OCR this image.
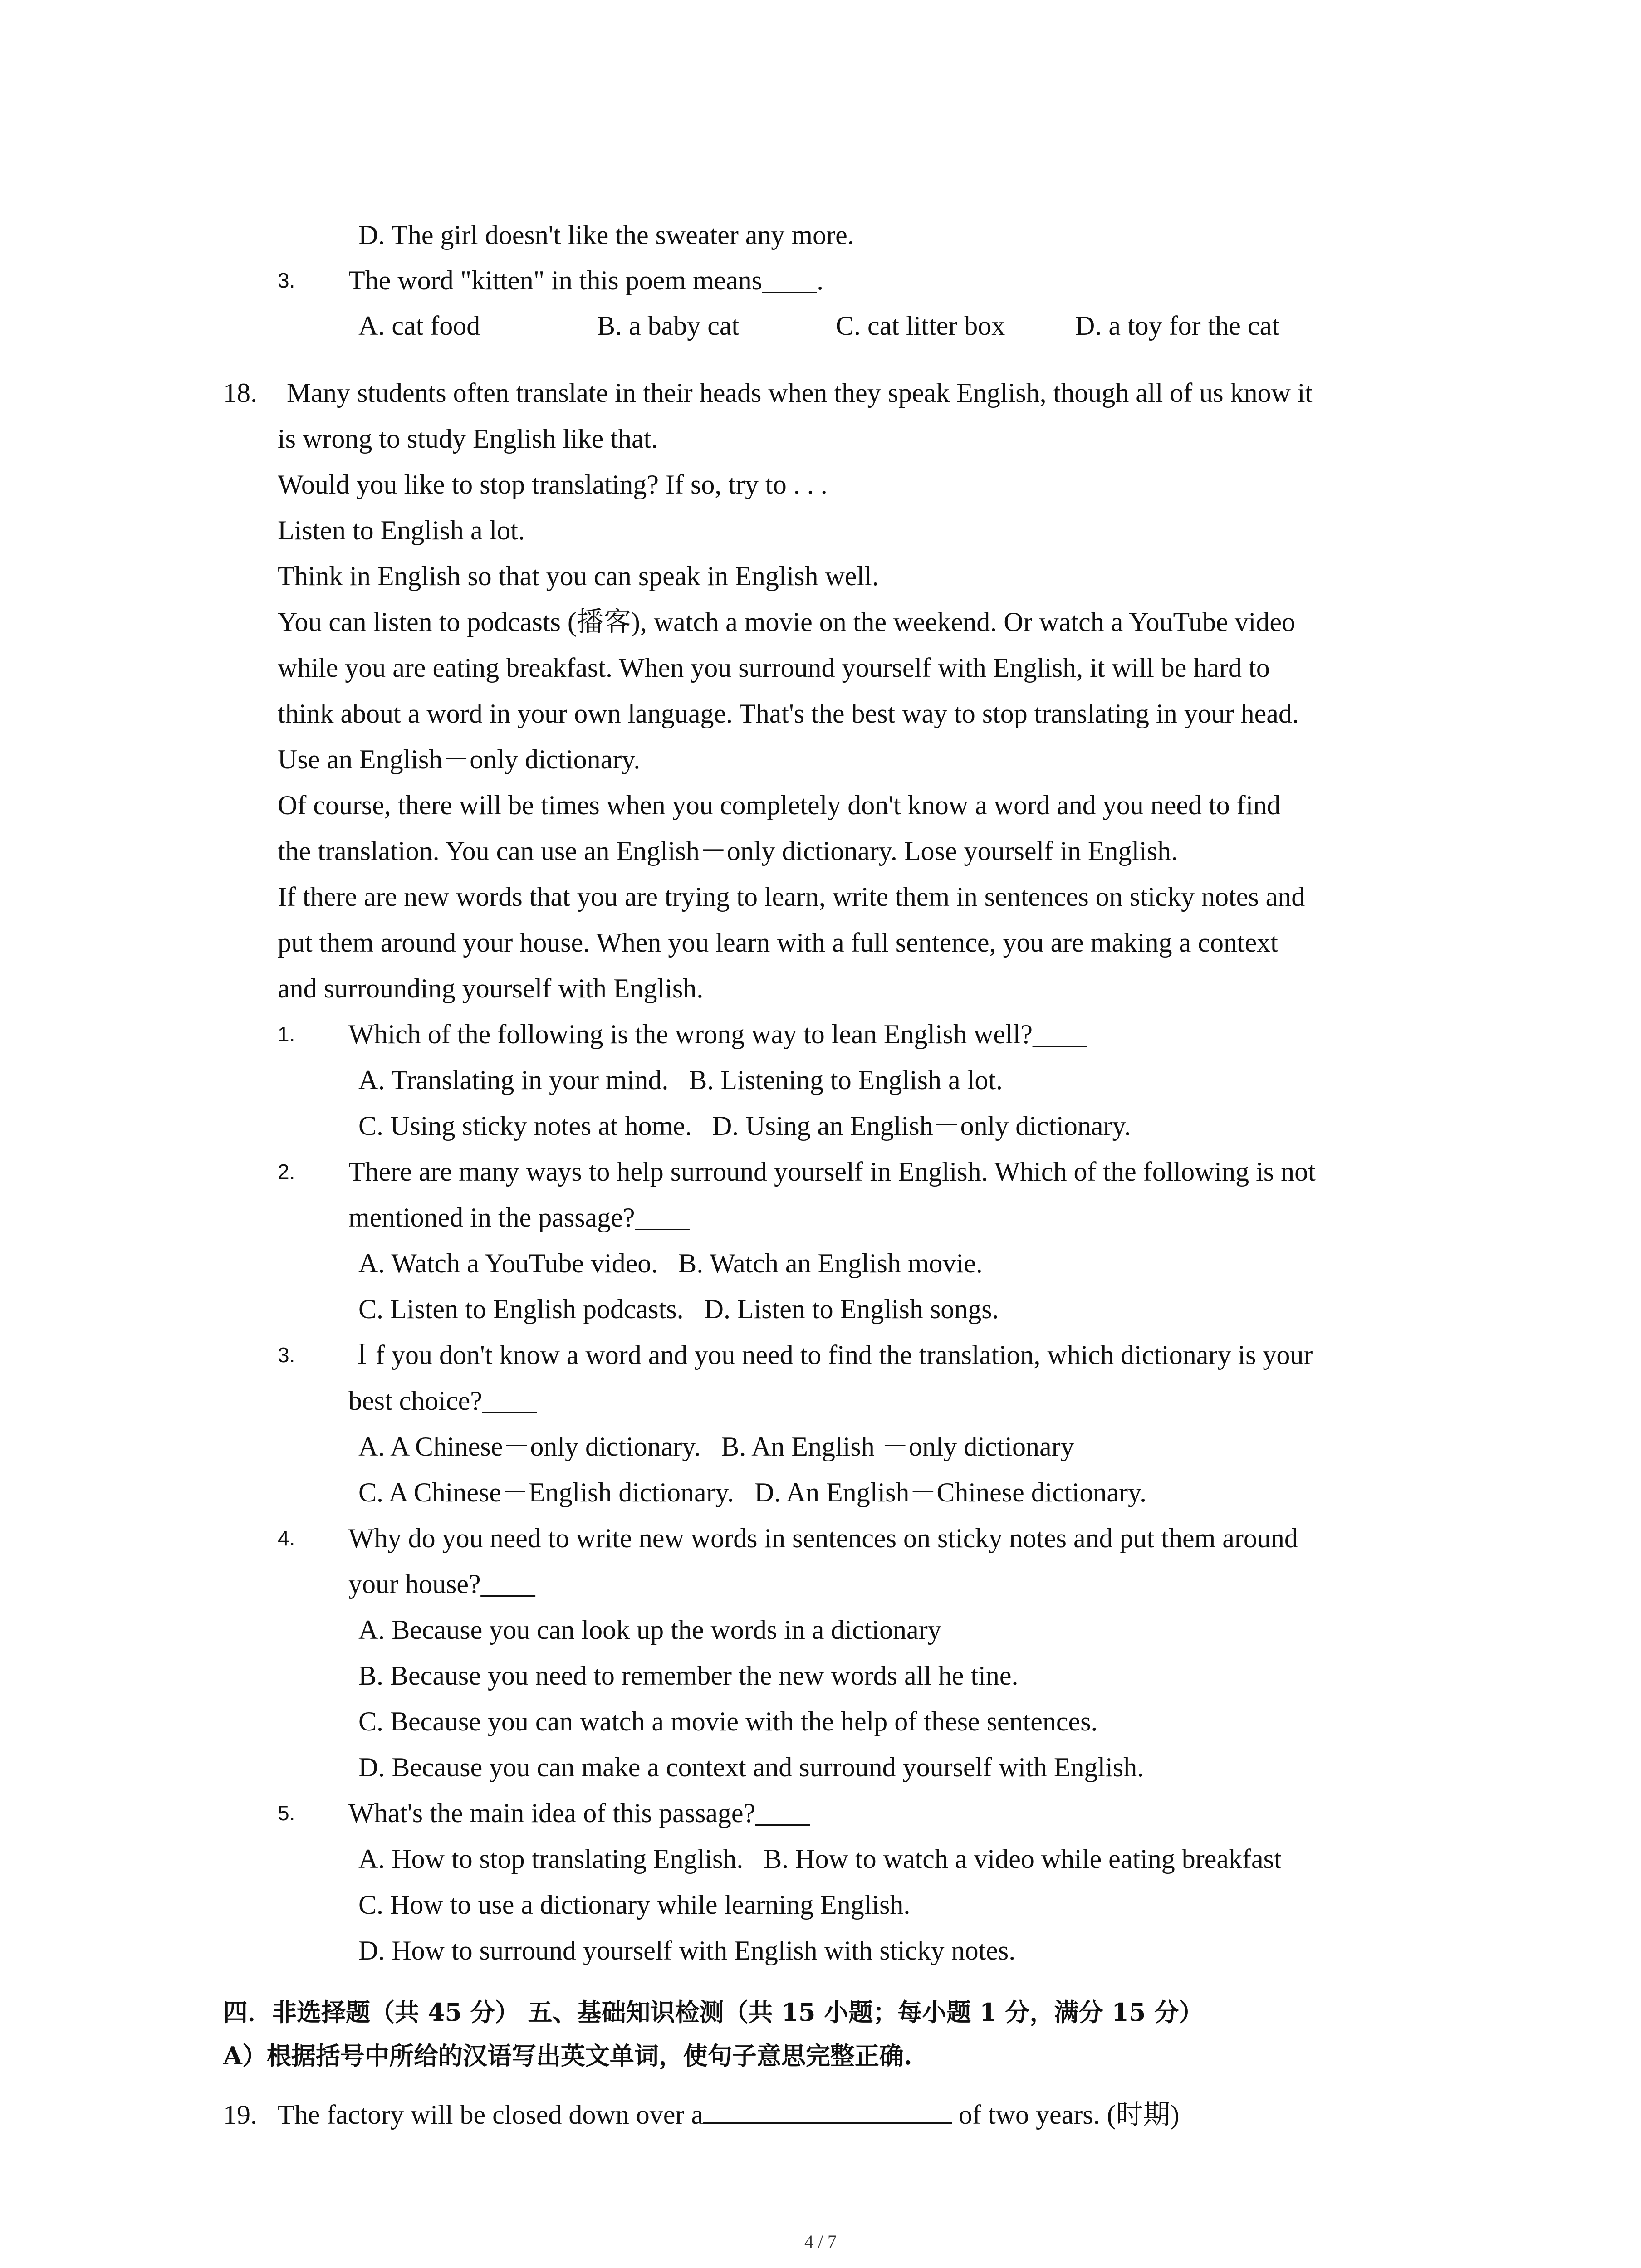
D. The girl doesn't like the sweater any more.
3. The word "kitten" in this poem means____.
A. cat food	B. a baby cat	C. cat litter box	D. a toy for the cat
18. Many students often translate in their heads when they speak English, though all of us know it
is wrong to study English like that.
Would you like to stop translating? If so, try to . . .
Listen to English a lot.
Think in English so that you can speak in English well.
You can listen to podcasts (播客), watch a movie on the weekend. Or watch a YouTube video
while you are eating breakfast. When you surround yourself with English, it will be hard to
think about a word in your own language. That's the best way to stop translating in your head.
Use an English－only dictionary.
Of course, there will be times when you completely don't know a word and you need to find
the translation. You can use an English－only dictionary. Lose yourself in English.
If there are new words that you are trying to learn, write them in sentences on sticky notes and
put them around your house. When you learn with a full sentence, you are making a context
and surrounding yourself with English.
1. Which of the following is the wrong way to lean English well?____
A. Translating in your mind.   B. Listening to English a lot.
C. Using sticky notes at home.   D. Using an English－only dictionary.
2. There are many ways to help surround yourself in English. Which of the following is not
mentioned in the passage?____
A. Watch a YouTube video.   B. Watch an English movie.
C. Listen to English podcasts.   D. Listen to English songs.
3. Ｉf you don't know a word and you need to find the translation, which dictionary is your
best choice?____
A. A Chinese－only dictionary.   B. An English －only dictionary
C. A Chinese－English dictionary.   D. An English－Chinese dictionary.
4. Why do you need to write new words in sentences on sticky notes and put them around
your house?____
A. Because you can look up the words in a dictionary
B. Because you need to remember the new words all he tine.
C. Because you can watch a movie with the help of these sentences.
D. Because you can make a context and surround yourself with English.
5. What's the main idea of this passage?____
A. How to stop translating English.   B. How to watch a video while eating breakfast
C. How to use a dictionary while learning English.
D. How to surround yourself with English with sticky notes.
四．非选择题（共 45 分） 五、基础知识检测（共 15 小题；每小题 1 分，满分 15 分）
A）根据括号中所给的汉语写出英文单词，使句子意思完整正确.
19. The factory will be closed down over a	of two years. (时期)
4 / 7
